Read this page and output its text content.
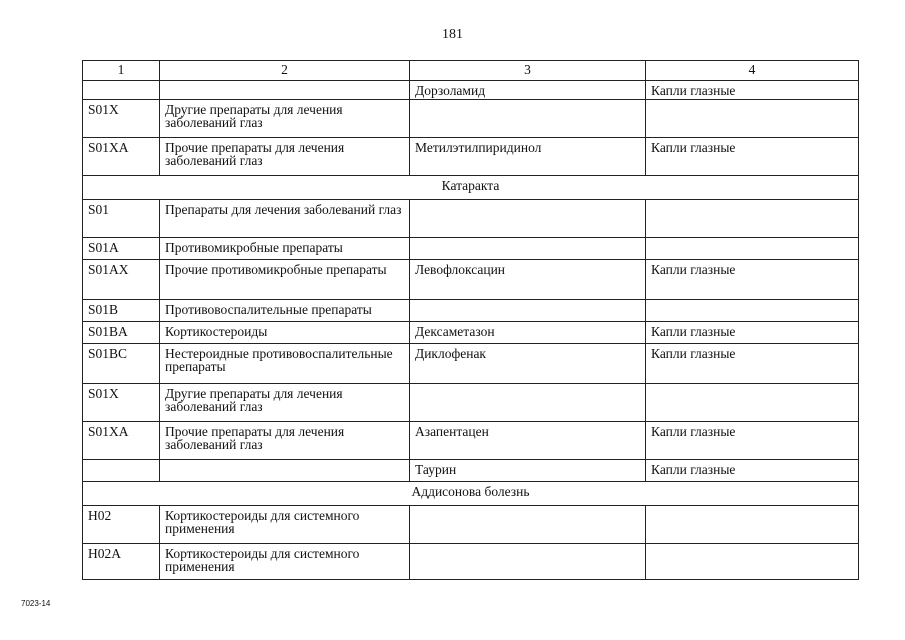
181
1	2	3	4
		Дорзоламид	Капли глазные
S01X	Другие препараты для лечения заболеваний глаз		
S01XA	Прочие препараты для лечения заболеваний глаз	Метилэтилпиридинол	Капли глазные
Катаракта			
S01	Препараты для лечения заболеваний глаз		
S01A	Противомикробные препараты		
S01AX	Прочие противомикробные препараты	Левофлоксацин	Капли глазные
S01B	Противовоспалительные препараты		
S01BA	Кортикостероиды	Дексаметазон	Капли глазные
S01BC	Нестероидные противовоспалительные препараты	Диклофенак	Капли глазные
S01X	Другие препараты для лечения заболеваний глаз		
S01XA	Прочие препараты для лечения заболеваний глаз	Азапентацен	Капли глазные
		Таурин	Капли глазные
Аддисонова болезнь			
H02	Кортикостероиды для системного применения		
H02A	Кортикостероиды для системного применения		
7023-14
